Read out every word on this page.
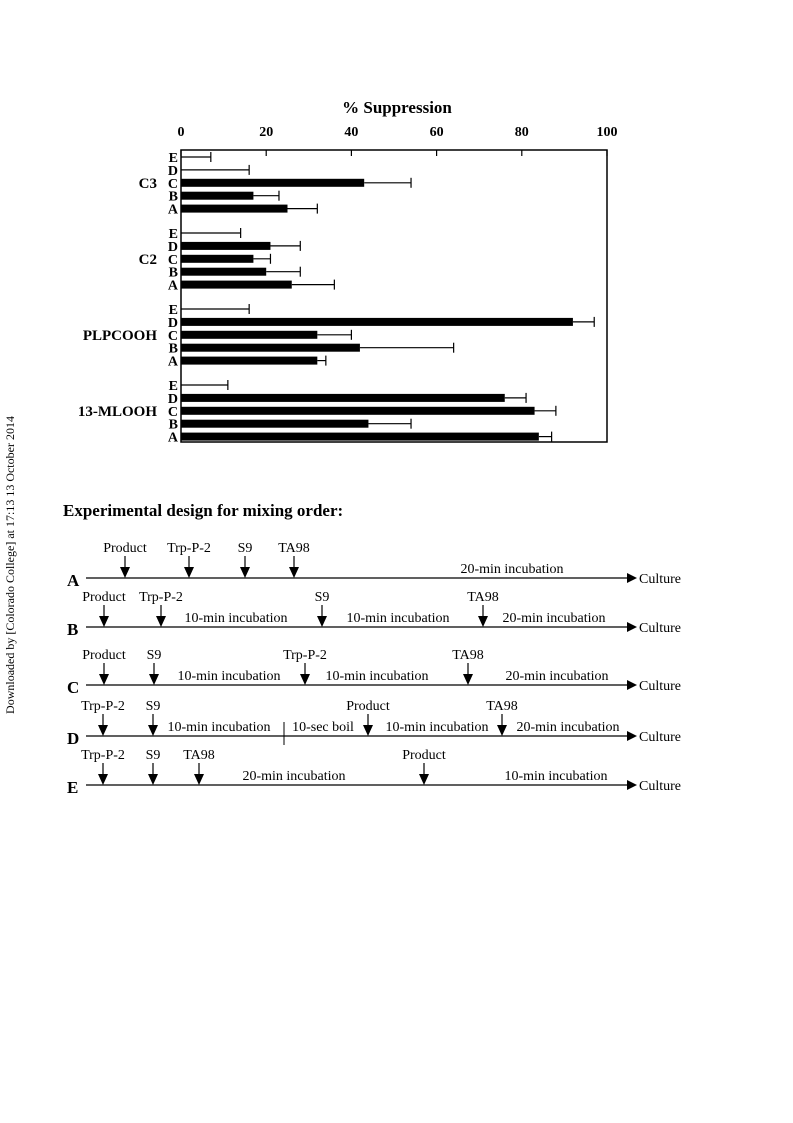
Downloaded by [Colorado College] at 17:13 13 October 2014
% Suppression
0	20	40	60	80	100
C3
E
D
C
B
A
C2
E
D
C
B
A
PLPCOOH
E
D
C
B
A
13-MLOOH
E
D
C
B
A
Experimental design for mixing order:
A	Culture
Product Trp-P-2 S9 TA98
20-min incubation
B	Culture
Product Trp-P-2	S9	TA98
10-min incubation	10-min incubation	20-min incubation
C	Culture
Product S9	Trp-P-2	TA98
10-min incubation	10-min incubation	20-min incubation
D	Culture
Trp-P-2 S9	Product	TA98
10-min incubation 10-sec boil 10-min incubation 20-min incubation
E	Culture
Trp-P-2 S9 TA98	Product
20-min incubation	10-min incubation
